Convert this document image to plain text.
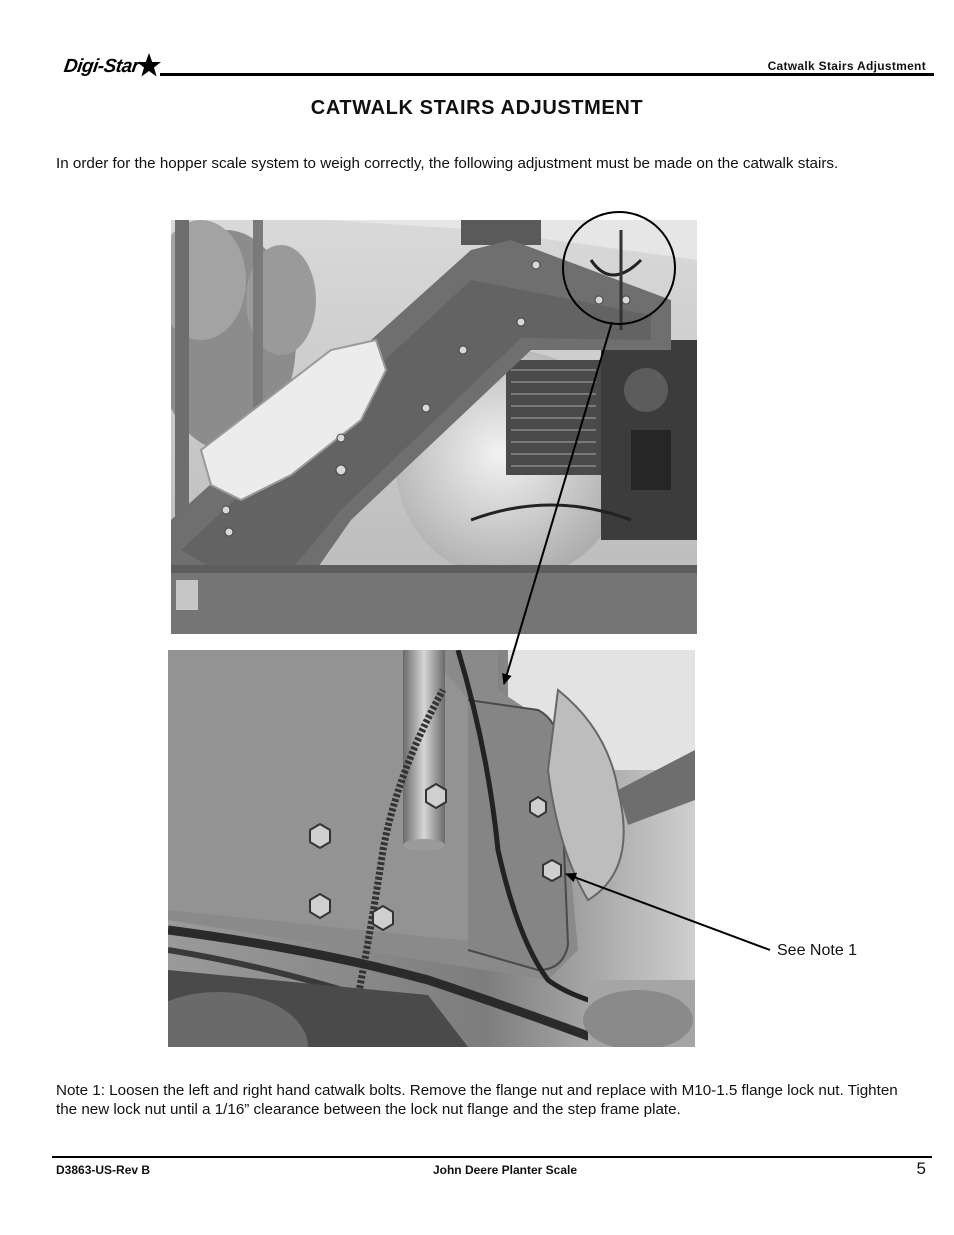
Digi-Star	Catwalk Stairs Adjustment
CATWALK STAIRS ADJUSTMENT
In order for the hopper scale system to weigh correctly, the following adjustment must be made on the catwalk stairs.
See Note 1
Note 1: Loosen the left and right hand catwalk bolts. Remove the flange nut and replace with M10-1.5 flange lock nut. Tighten the new lock nut until a 1/16” clearance between the lock nut flange and the step frame plate.
D3863-US-Rev B	John Deere Planter Scale	5
